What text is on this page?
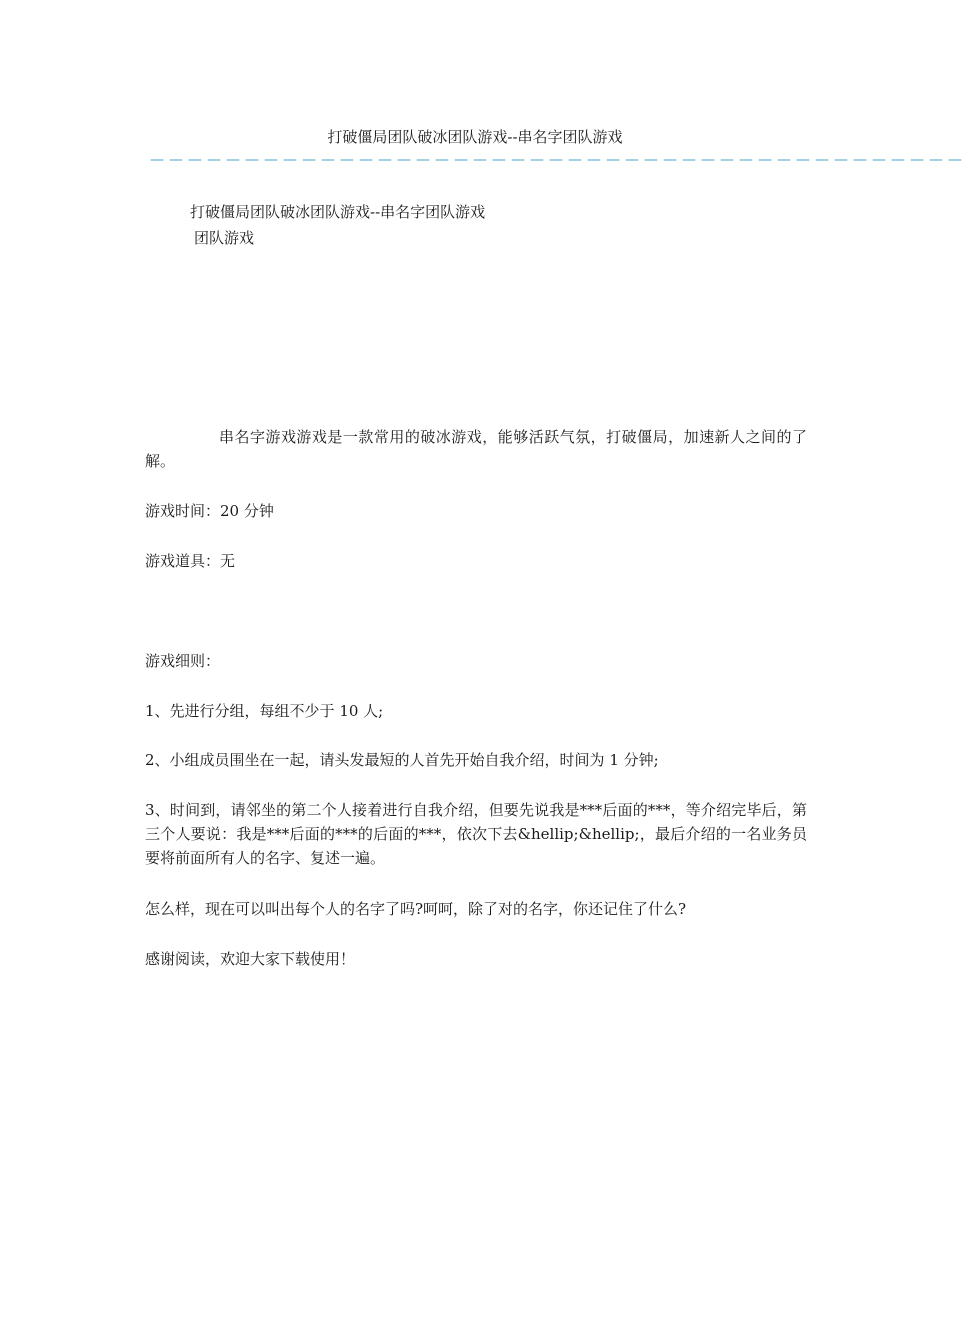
打破僵局团队破冰团队游戏--串名字团队游戏
———————————————————————————————————————————
打破僵局团队破冰团队游戏--串名字团队游戏
团队游戏
串名字游戏游戏是一款常用的破冰游戏，能够活跃气氛，打破僵局，加速新人之间的了解。
游戏时间：20 分钟
游戏道具：无
游戏细则：
1、先进行分组，每组不少于 10 人;
2、小组成员围坐在一起，请头发最短的人首先开始自我介绍，时间为 1 分钟;
3、时间到，请邻坐的第二个人接着进行自我介绍，但要先说我是***后面的***，等介绍完毕后，第三个人要说：我是***后面的***的后面的***，依次下去&hellip;&hellip;，最后介绍的一名业务员要将前面所有人的名字、复述一遍。
怎么样，现在可以叫出每个人的名字了吗?呵呵，除了对的名字，你还记住了什么?
感谢阅读，欢迎大家下载使用！
